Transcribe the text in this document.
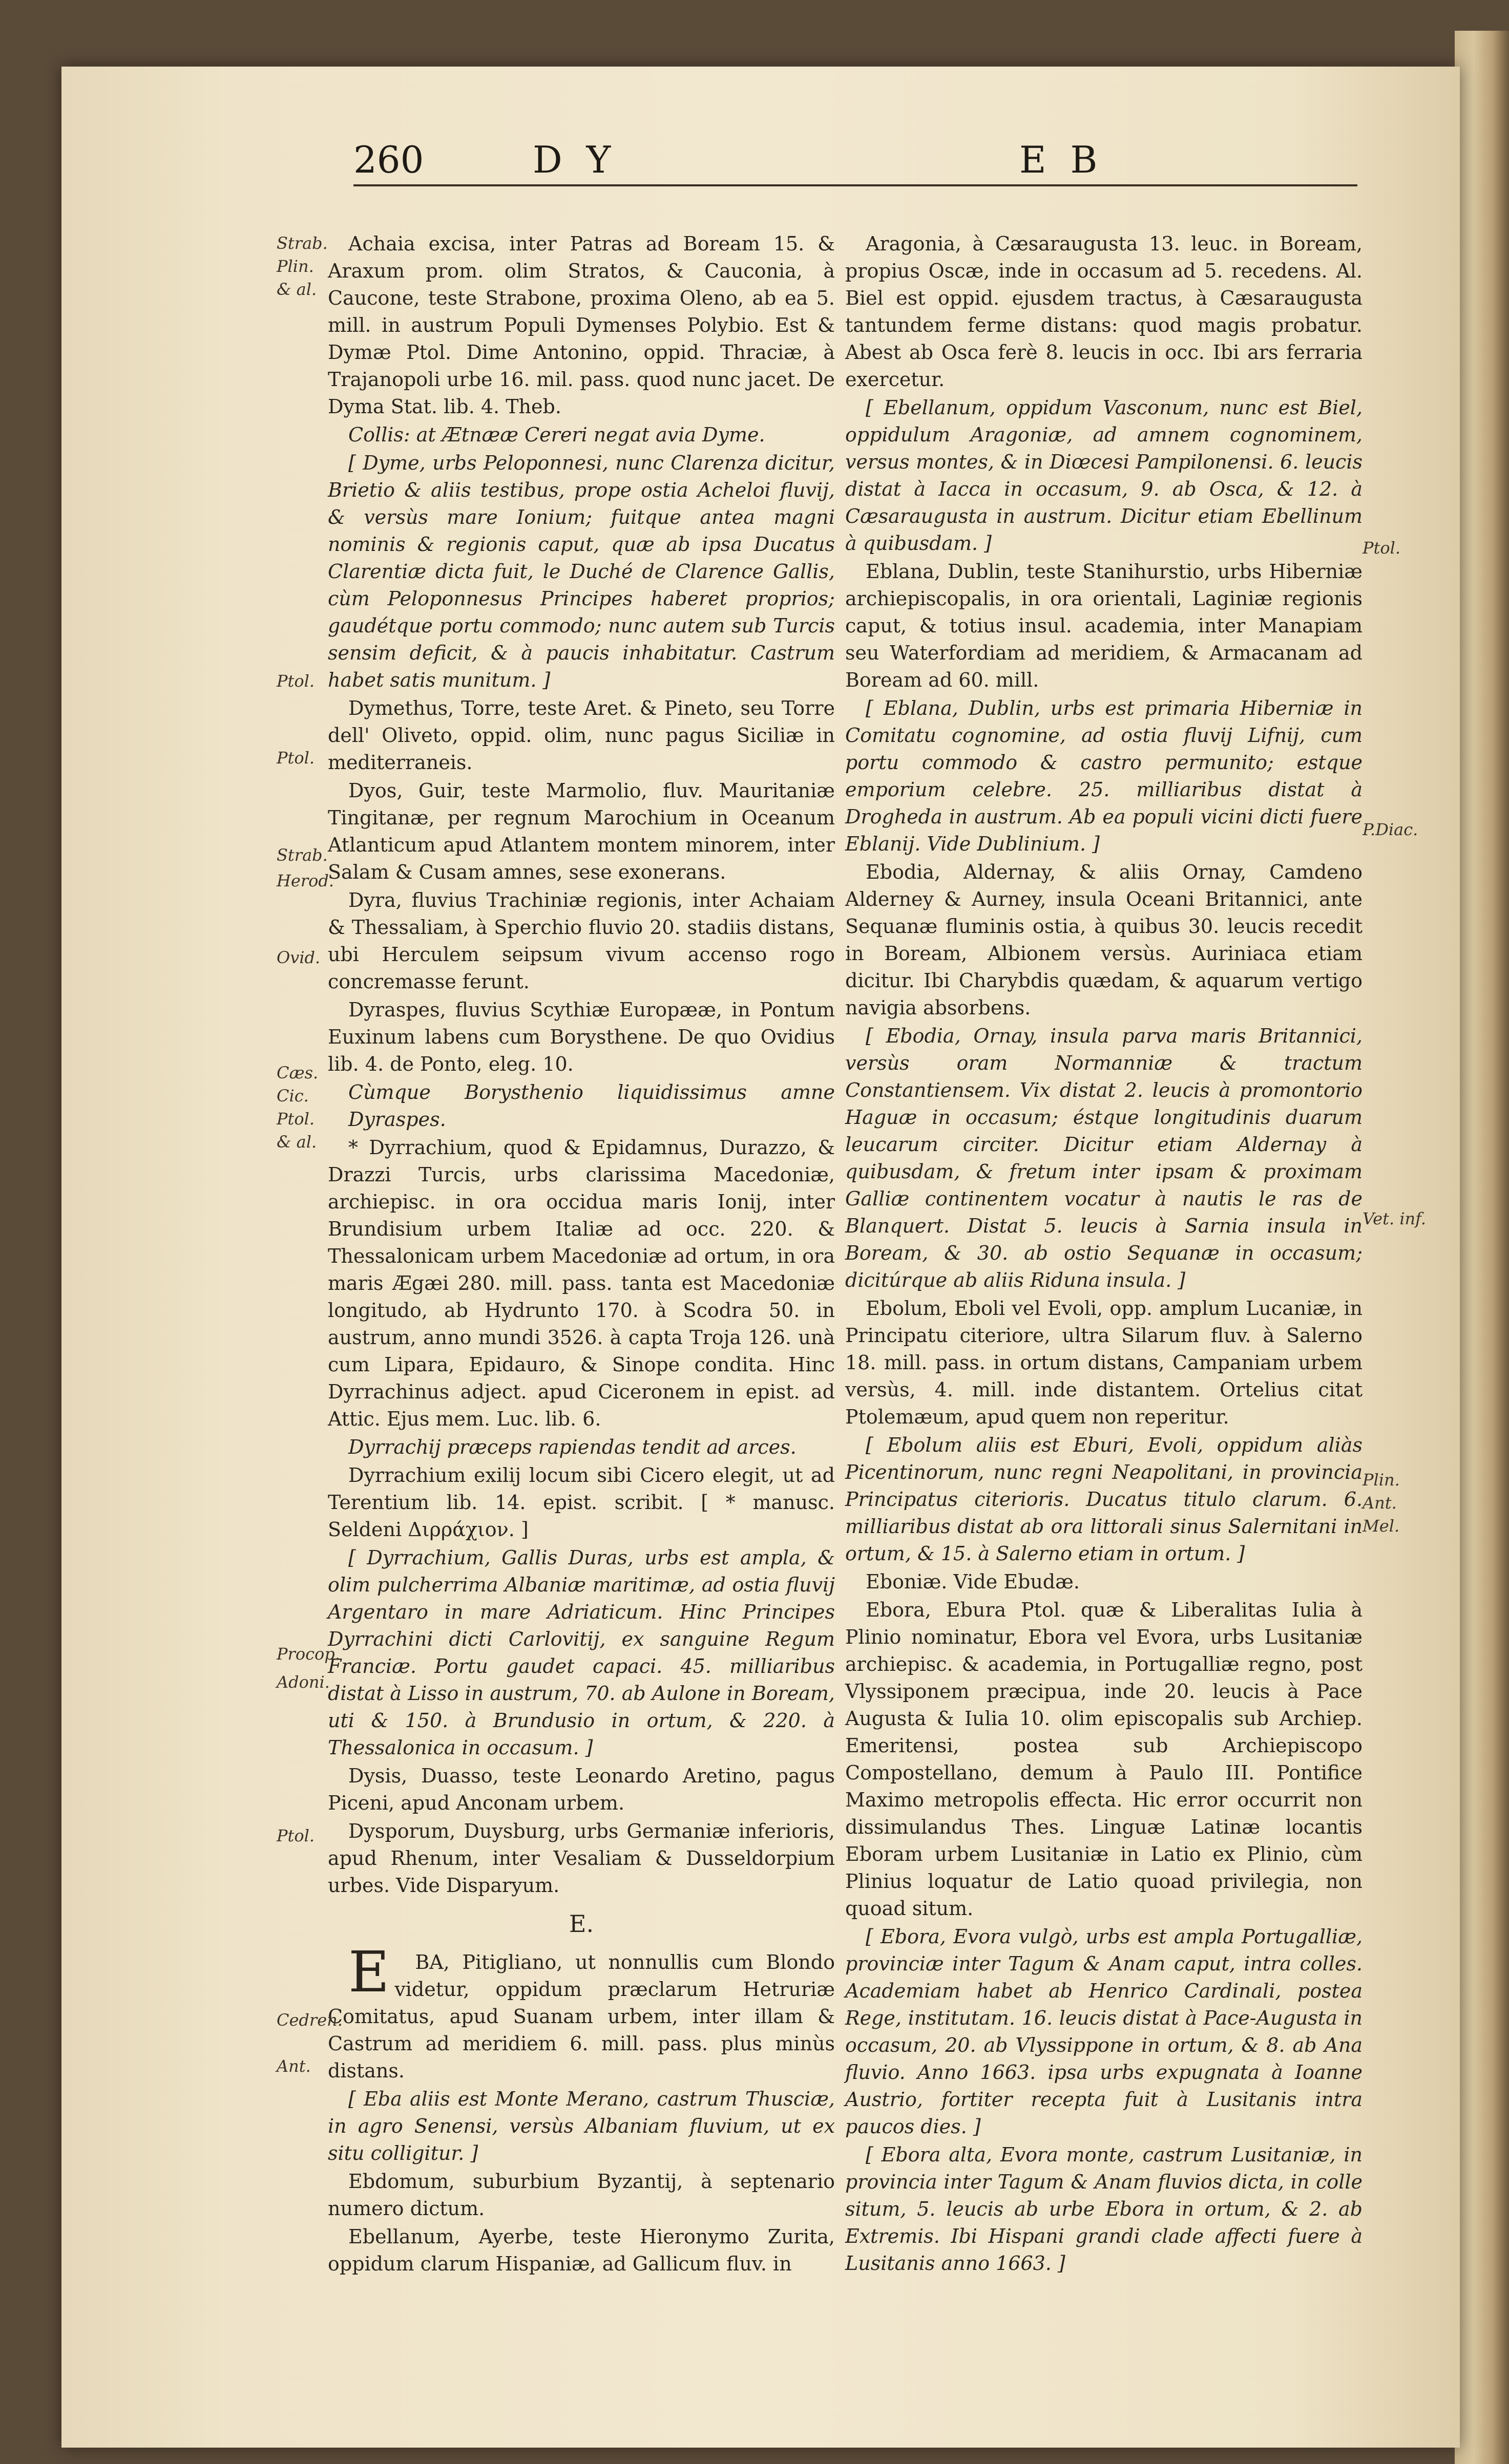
260	D Y	E B

Achaia excisa, inter Patras ad Boream 15. & Araxum prom. olim Stratos, & Cauconia, à Caucone, teste Strabone, proxima Oleno, ab ea 5. mill. in austrum Populi Dymenses Polybio. Est & Dymæ Ptol. Dime Antonino, oppid. Thraciæ, à Trajanopoli urbe 16. mil. pass. quod nunc jacet. De Dyma Stat. lib. 4. Theb.

Collis: at Ætnææ Cereri negat avia Dyme.

[ Dyme, urbs Peloponnesi, nunc Clarenza dicitur, Brietio & aliis testibus, prope ostia Acheloi fluvij, & versùs mare Ionium; fuitque antea magni nominis & regionis caput, quæ ab ipsa Ducatus Clarentiæ dicta fuit, le Duché de Clarence Gallis, cùm Peloponnesus Principes haberet proprios; gaudétque portu commodo; nunc autem sub Turcis sensim deficit, & à paucis inhabitatur. Castrum habet satis munitum. ]

Dymethus, Torre, teste Aret. & Pineto, seu Torre dell' Oliveto, oppid. olim, nunc pagus Siciliæ in mediterraneis.

Dyos, Guir, teste Marmolio, fluv. Mauritaniæ Tingitanæ, per regnum Marochium in Oceanum Atlanticum apud Atlantem montem minorem, inter Salam & Cusam amnes, sese exonerans.

Dyra, fluvius Trachiniæ regionis, inter Achaiam & Thessaliam, à Sperchio fluvio 20. stadiis distans, ubi Herculem seipsum vivum accenso rogo concremasse ferunt.

Dyraspes, fluvius Scythiæ Europææ, in Pontum Euxinum labens cum Borysthene. De quo Ovidius lib. 4. de Ponto, eleg. 10.

Cùmque Borysthenio liquidissimus amne Dyraspes.

* Dyrrachium, quod & Epidamnus, Durazzo, & Drazzi Turcis, urbs clarissima Macedoniæ, archiepisc. in ora occidua maris Ionij, inter Brundisium urbem Italiæ ad occ. 220. & Thessalonicam urbem Macedoniæ ad ortum, in ora maris Ægæi 280. mill. pass. tanta est Macedoniæ longitudo, ab Hydrunto 170. à Scodra 50. in austrum, anno mundi 3526. à capta Troja 126. unà cum Lipara, Epidauro, & Sinope condita. Hinc Dyrrachinus adject. apud Ciceronem in epist. ad Attic. Ejus mem. Luc. lib. 6.

Dyrrachij præceps rapiendas tendit ad arces.

Dyrrachium exilij locum sibi Cicero elegit, ut ad Terentium lib. 14. epist. scribit. [ * manusc. Seldeni Διρράχιον. ]

[ Dyrrachium, Gallis Duras, urbs est ampla, & olim pulcherrima Albaniæ maritimæ, ad ostia fluvij Argentaro in mare Adriaticum. Hinc Principes Dyrrachini dicti Carlovitij, ex sanguine Regum Franciæ. Portu gaudet capaci. 45. milliaribus distat à Lisso in austrum, 70. ab Aulone in Boream, uti & 150. à Brundusio in ortum, & 220. à Thessalonica in occasum. ]

Dysis, Duasso, teste Leonardo Aretino, pagus Piceni, apud Anconam urbem.

Dysporum, Duysburg, urbs Germaniæ inferioris, apud Rhenum, inter Vesaliam & Dusseldorpium urbes. Vide Disparyum.

E.

EBA, Pitigliano, ut nonnullis cum Blondo videtur, oppidum præclarum Hetruriæ Comitatus, apud Suanam urbem, inter illam & Castrum ad meridiem 6. mill. pass. plus minùs distans.

[ Eba aliis est Monte Merano, castrum Thusciæ, in agro Senensi, versùs Albaniam fluvium, ut ex situ colligitur. ]

Ebdomum, suburbium Byzantij, à septenario numero dictum.

Ebellanum, Ayerbe, teste Hieronymo Zurita, oppidum clarum Hispaniæ, ad Gallicum fluv. in

Aragonia, à Cæsaraugusta 13. leuc. in Boream, propius Oscæ, inde in occasum ad 5. recedens. Al. Biel est oppid. ejusdem tractus, à Cæsaraugusta tantundem ferme distans: quod magis probatur. Abest ab Osca ferè 8. leucis in occ. Ibi ars ferraria exercetur.

[ Ebellanum, oppidum Vasconum, nunc est Biel, oppidulum Aragoniæ, ad amnem cognominem, versus montes, & in Diœcesi Pampilonensi. 6. leucis distat à Iacca in occasum, 9. ab Osca, & 12. à Cæsaraugusta in austrum. Dicitur etiam Ebellinum à quibusdam. ]

Eblana, Dublin, teste Stanihurstio, urbs Hiberniæ archiepiscopalis, in ora orientali, Laginiæ regionis caput, & totius insul. academia, inter Manapiam seu Waterfordiam ad meridiem, & Armacanam ad Boream ad 60. mill.

[ Eblana, Dublin, urbs est primaria Hiberniæ in Comitatu cognomine, ad ostia fluvij Lifnij, cum portu commodo & castro permunito; estque emporium celebre. 25. milliaribus distat à Drogheda in austrum. Ab ea populi vicini dicti fuere Eblanij. Vide Dublinium. ]

Ebodia, Aldernay, & aliis Ornay, Camdeno Alderney & Aurney, insula Oceani Britannici, ante Sequanæ fluminis ostia, à quibus 30. leucis recedit in Boream, Albionem versùs. Auriniaca etiam dicitur. Ibi Charybdis quædam, & aquarum vertigo navigia absorbens.

[ Ebodia, Ornay, insula parva maris Britannici, versùs oram Normanniæ & tractum Constantiensem. Vix distat 2. leucis à promontorio Haguæ in occasum; éstque longitudinis duarum leucarum circiter. Dicitur etiam Aldernay à quibusdam, & fretum inter ipsam & proximam Galliæ continentem vocatur à nautis le ras de Blanquert. Distat 5. leucis à Sarnia insula in Boream, & 30. ab ostio Sequanæ in occasum; dicitúrque ab aliis Riduna insula. ]

Ebolum, Eboli vel Evoli, opp. amplum Lucaniæ, in Principatu citeriore, ultra Silarum fluv. à Salerno 18. mill. pass. in ortum distans, Campaniam urbem versùs, 4. mill. inde distantem. Ortelius citat Ptolemæum, apud quem non reperitur.

[ Ebolum aliis est Eburi, Evoli, oppidum aliàs Picentinorum, nunc regni Neapolitani, in provincia Principatus citerioris. Ducatus titulo clarum. 6. milliaribus distat ab ora littorali sinus Salernitani in ortum, & 15. à Salerno etiam in ortum. ]

Eboniæ. Vide Ebudæ.

Ebora, Ebura Ptol. quæ & Liberalitas Iulia à Plinio nominatur, Ebora vel Evora, urbs Lusitaniæ archiepisc. & academia, in Portugalliæ regno, post Vlyssiponem præcipua, inde 20. leucis à Pace Augusta & Iulia 10. olim episcopalis sub Archiep. Emeritensi, postea sub Archiepiscopo Compostellano, demum à Paulo III. Pontifice Maximo metropolis effecta. Hic error occurrit non dissimulandus Thes. Linguæ Latinæ locantis Eboram urbem Lusitaniæ in Latio ex Plinio, cùm Plinius loquatur de Latio quoad privilegia, non quoad situm.

[ Ebora, Evora vulgò, urbs est ampla Portugalliæ, provinciæ inter Tagum & Anam caput, intra colles. Academiam habet ab Henrico Cardinali, postea Rege, institutam. 16. leucis distat à Pace-Augusta in occasum, 20. ab Vlyssippone in ortum, & 8. ab Ana fluvio. Anno 1663. ipsa urbs expugnata à Ioanne Austrio, fortiter recepta fuit à Lusitanis intra paucos dies. ]

[ Ebora alta, Evora monte, castrum Lusitaniæ, in provincia inter Tagum & Anam fluvios dicta, in colle situm, 5. leucis ab urbe Ebora in ortum, & 2. ab Extremis. Ibi Hispani grandi clade affecti fuere à Lusitanis anno 1663. ]

Strab.
Plin.
& al.
Ptol.
Ptol.
Strab.
Herod.
Ovid.
Cæs.
Cic.
Ptol.
& al.
Procop.
Adoni.
Ptol.
Cedren.
Ant.
Ptol.
P.Diac.
Vet. inf.
Plin.
Ant.
Mel.
